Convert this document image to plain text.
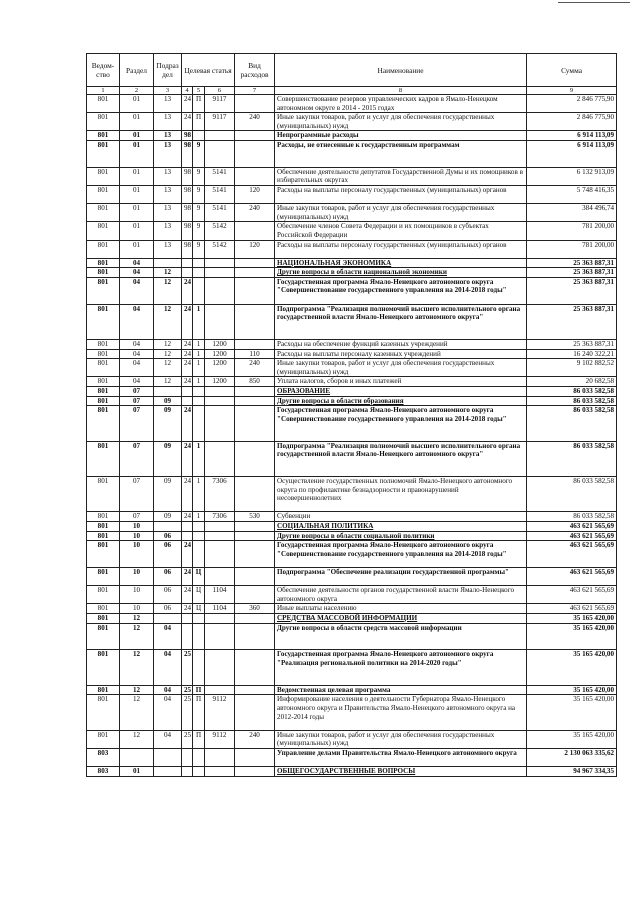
Ведом-ство	Раздел	Подраз дел	Целевая статья			Вид расходов	Наименование	Сумма
1	2	3	4	5	6	7	8	9
801	01	13	24	П	9117		Совершенствование резервов управленческих кадров в Ямало-Ненецком автономном округе в 2014 - 2015 годах	2 846 775,90
801	01	13	24	П	9117	240	Иные закупки товаров, работ и услуг для обеспечения государственных (муниципальных) нужд	2 846 775,90
801	01	13	98				Непрограммные расходы	6 914 113,09
801	01	13	98	9			Расходы, не отнесенные к государственным программам	6 914 113,09
801	01	13	98	9	5141		Обеспечение деятельности депутатов Государственной Думы и их помощников в избирательных округах	6 132 913,09
801	01	13	98	9	5141	120	Расходы на выплаты персоналу государственных (муниципальных) органов	5 748 416,35
801	01	13	98	9	5141	240	Иные закупки товаров, работ и услуг для обеспечения государственных (муниципальных) нужд	384 496,74
801	01	13	98	9	5142		Обеспечение членов Совета Федерации и их помощников в субъектах Российской Федерации	781 200,00
801	01	13	98	9	5142	120	Расходы на выплаты персоналу государственных (муниципальных) органов	781 200,00
801	04						НАЦИОНАЛЬНАЯ ЭКОНОМИКА	25 363 887,31
801	04	12					Другие вопросы в области национальной экономики	25 363 887,31
801	04	12	24				Государственная программа Ямало-Ненецкого автономного округа "Совершенствование государственного управления на 2014-2018 годы"	25 363 887,31
801	04	12	24	1			Подпрограмма "Реализация полномочий высшего исполнительного органа государственной власти Ямало-Ненецкого автономного округа"	25 363 887,31
801	04	12	24	1	1200		Расходы на обеспечение функций казенных учреждений	25 363 887,31
801	04	12	24	1	1200	110	Расходы на выплаты персоналу казенных учреждений	16 240 322,21
801	04	12	24	1	1200	240	Иные закупки товаров, работ и услуг для обеспечения государственных (муниципальных) нужд	9 102 882,52
801	04	12	24	1	1200	850	Уплата налогов, сборов и иных платежей	20 682,58
801	07						ОБРАЗОВАНИЕ	86 033 582,58
801	07	09					Другие вопросы в области образования	86 033 582,58
801	07	09	24				Государственная программа Ямало-Ненецкого автономного округа "Совершенствование государственного управления на 2014-2018 годы"	86 033 582,58
801	07	09	24	1			Подпрограмма "Реализация полномочий высшего исполнительного органа государственной власти Ямало-Ненецкого автономного округа"	86 033 582,58
801	07	09	24	1	7306		Осуществление государственных полномочий Ямало-Ненецкого автономного округа по профилактике безнадзорности и правонарушений несовершеннолетних	86 033 582,58
801	07	09	24	1	7306	530	Субвенции	86 033 582,58
801	10						СОЦИАЛЬНАЯ ПОЛИТИКА	463 621 565,69
801	10	06					Другие вопросы в области социальной политики	463 621 565,69
801	10	06	24				Государственная программа Ямало-Ненецкого автономного округа "Совершенствование государственного управления на 2014-2018 годы"	463 621 565,69
801	10	06	24	Ц			Подпрограмма "Обеспечение реализации государственной программы"	463 621 565,69
801	10	06	24	Ц	1104		Обеспечение деятельности органов государственной власти Ямало-Ненецкого автономного округа	463 621 565,69
801	10	06	24	Ц	1104	360	Иные выплаты населению	463 621 565,69
801	12						СРЕДСТВА МАССОВОЙ ИНФОРМАЦИИ	35 165 420,00
801	12	04					Другие вопросы в области средств массовой информации	35 165 420,00
801	12	04	25				Государственная программа Ямало-Ненецкого автономного округа "Реализация региональной политики на 2014-2020 годы"	35 165 420,00
801	12	04	25	П			Ведомственная целевая программа	35 165 420,00
801	12	04	25	П	9112		Информирование населения о деятельности Губернатора Ямало-Ненецкого автономного округа и Правительства Ямало-Ненецкого автономного округа на 2012-2014 годы	35 165 420,00
801	12	04	25	П	9112	240	Иные закупки товаров, работ и услуг для обеспечения государственных (муниципальных) нужд	35 165 420,00
803							Управление делами Правительства Ямало-Ненецкого автономного округа	2 130 063 335,62
803	01						ОБЩЕГОСУДАРСТВЕННЫЕ ВОПРОСЫ	94 967 334,35
